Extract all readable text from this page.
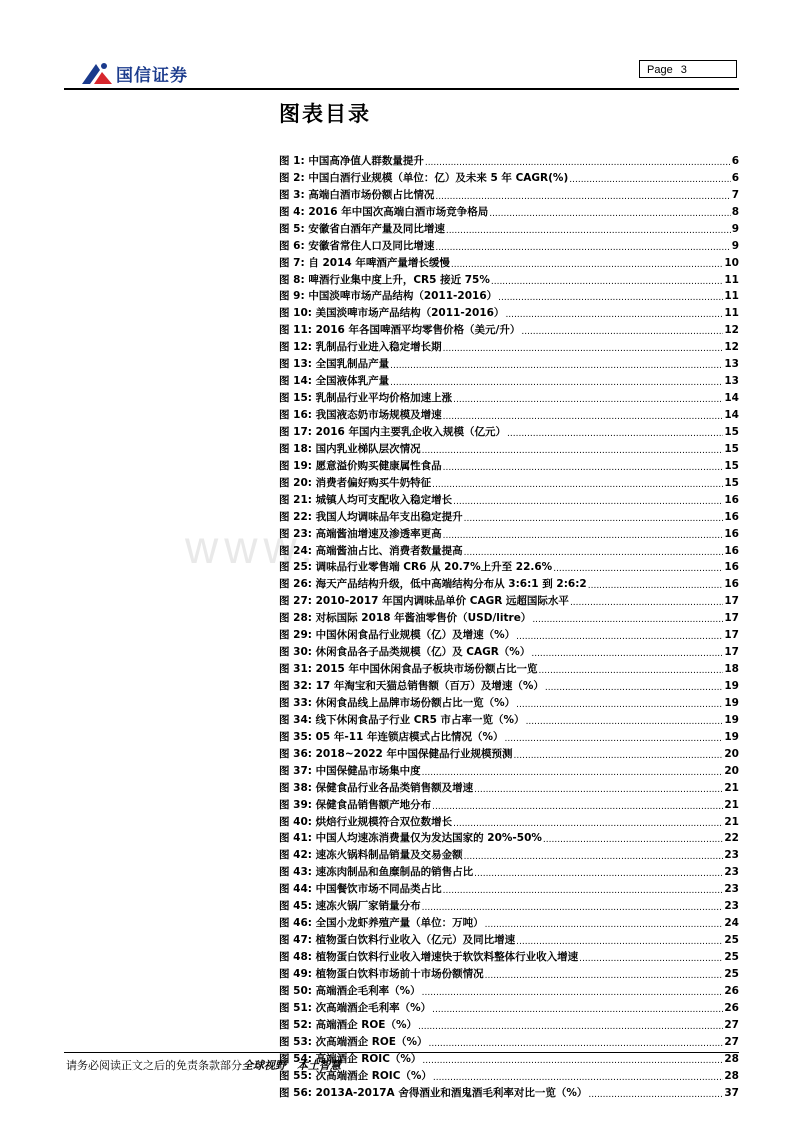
国信证券	Page 3
图表目录
www.
图 1: 中国高净值人群数量提升 .....	6
图 2: 中国白酒行业规模（单位：亿）及未来 5 年 CAGR(%) .....	6
图 3: 高端白酒市场份额占比情况 .....	7
图 4: 2016 年中国次高端白酒市场竞争格局 .....	8
图 5: 安徽省白酒年产量及同比增速 .....	9
图 6: 安徽省常住人口及同比增速 .....	9
图 7: 自 2014 年啤酒产量增长缓慢 .....	10
图 8: 啤酒行业集中度上升，CR5 接近 75% .....	11
图 9: 中国淡啤市场产品结构（2011-2016） .....	11
图 10: 美国淡啤市场产品结构（2011-2016） .....	11
图 11: 2016 年各国啤酒平均零售价格（美元/升） .....	12
图 12: 乳制品行业进入稳定增长期 .....	12
图 13: 全国乳制品产量 .....	13
图 14: 全国液体乳产量 .....	13
图 15: 乳制品行业平均价格加速上涨 .....	14
图 16: 我国液态奶市场规模及增速 .....	14
图 17: 2016 年国内主要乳企收入规模（亿元） .....	15
图 18: 国内乳业梯队层次情况 .....	15
图 19: 愿意溢价购买健康属性食品 .....	15
图 20: 消费者偏好购买牛奶特征 .....	15
图 21: 城镇人均可支配收入稳定增长 .....	16
图 22: 我国人均调味品年支出稳定提升 .....	16
图 23: 高端酱油增速及渗透率更高 .....	16
图 24: 高端酱油占比、消费者数量提高 .....	16
图 25: 调味品行业零售端 CR6 从 20.7%上升至 22.6% .....	16
图 26: 海天产品结构升级，低中高端结构分布从 3:6:1 到 2:6:2 .....	16
图 27: 2010-2017 年国内调味品单价 CAGR 远超国际水平 .....	17
图 28: 对标国际 2018 年酱油零售价（USD/litre） .....	17
图 29: 中国休闲食品行业规模（亿）及增速（%） .....	17
图 30: 休闲食品各子品类规模（亿）及 CAGR（%） .....	17
图 31: 2015 年中国休闲食品子板块市场份额占比一览 .....	18
图 32: 17 年淘宝和天猫总销售额（百万）及增速（%） .....	19
图 33: 休闲食品线上品牌市场份额占比一览（%） .....	19
图 34: 线下休闲食品子行业 CR5 市占率一览（%） .....	19
图 35: 05 年-11 年连锁店模式占比情况（%） .....	19
图 36: 2018~2022 年中国保健品行业规模预测 .....	20
图 37: 中国保健品市场集中度 .....	20
图 38: 保健食品行业各品类销售额及增速 .....	21
图 39: 保健食品销售额产地分布 .....	21
图 40: 烘焙行业规模符合双位数增长 .....	21
图 41: 中国人均速冻消费量仅为发达国家的 20%-50% .....	22
图 42: 速冻火锅料制品销量及交易金额 .....	23
图 43: 速冻肉制品和鱼糜制品的销售占比 .....	23
图 44: 中国餐饮市场不同品类占比 .....	23
图 45: 速冻火锅厂家销量分布 .....	23
图 46: 全国小龙虾养殖产量（单位：万吨） .....	24
图 47: 植物蛋白饮料行业收入（亿元）及同比增速 .....	25
图 48: 植物蛋白饮料行业收入增速快于软饮料整体行业收入增速 .....	25
图 49: 植物蛋白饮料市场前十市场份额情况 .....	25
图 50: 高端酒企毛利率（%） .....	26
图 51: 次高端酒企毛利率（%） .....	26
图 52: 高端酒企 ROE（%） .....	27
图 53: 次高端酒企 ROE（%） .....	27
图 54: 高端酒企 ROIC（%） .....	28
图 55: 次高端酒企 ROIC（%） .....	28
图 56: 2013A-2017A 舍得酒业和酒鬼酒毛利率对比一览（%） .....	37
请务必阅读正文之后的免责条款部分全球视野　本土智慧
